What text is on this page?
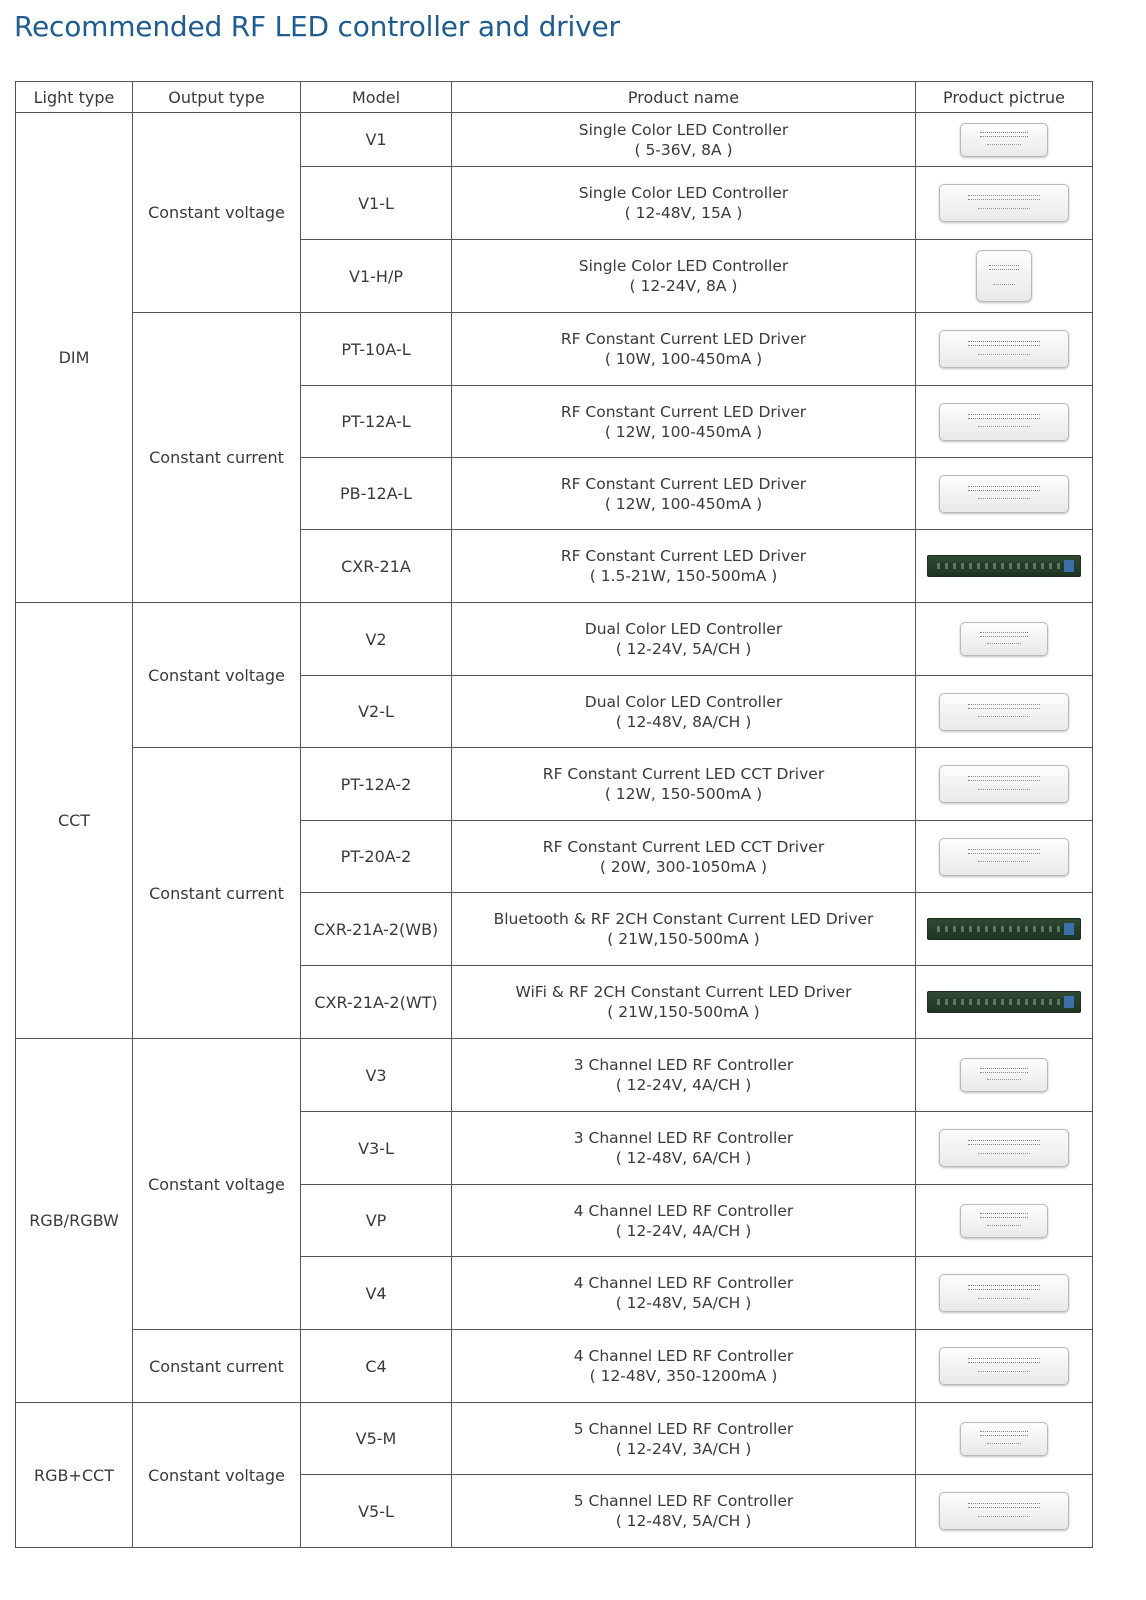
Recommended RF LED controller and driver
Light type	Output type	Model	Product name	Product pictrue
DIM	Constant voltage	V1	Single Color LED Controller
( 5-36V, 8A )	

		V1-L	Single Color LED Controller
( 12-48V, 15A )	

		V1-H/P	Single Color LED Controller
( 12-24V, 8A )	

	Constant current	PT-10A-L	RF Constant Current LED Driver
( 10W, 100-450mA )	

		PT-12A-L	RF Constant Current LED Driver
( 12W, 100-450mA )	

		PB-12A-L	RF Constant Current LED Driver
( 12W, 100-450mA )	

		CXR-21A	RF Constant Current LED Driver
( 1.5-21W, 150-500mA )	

CCT	Constant voltage	V2	Dual Color LED Controller
( 12-24V, 5A/CH )	

		V2-L	Dual Color LED Controller
( 12-48V, 8A/CH )	

	Constant current	PT-12A-2	RF Constant Current LED CCT Driver
( 12W, 150-500mA )	

		PT-20A-2	RF Constant Current LED CCT Driver
( 20W, 300-1050mA )	

		CXR-21A-2(WB)	Bluetooth & RF 2CH Constant Current LED Driver
( 21W,150-500mA )	

		CXR-21A-2(WT)	WiFi & RF 2CH Constant Current LED Driver
( 21W,150-500mA )	

RGB/RGBW	Constant voltage	V3	3 Channel LED RF Controller
( 12-24V, 4A/CH )	

		V3-L	3 Channel LED RF Controller
( 12-48V, 6A/CH )	

		VP	4 Channel LED RF Controller
( 12-24V, 4A/CH )	

		V4	4 Channel LED RF Controller
( 12-48V, 5A/CH )	

	Constant current	C4	4 Channel LED RF Controller
( 12-48V, 350-1200mA )	

RGB+CCT	Constant voltage	V5-M	5 Channel LED RF Controller
( 12-24V, 3A/CH )	

		V5-L	5 Channel LED RF Controller
( 12-48V, 5A/CH )	
